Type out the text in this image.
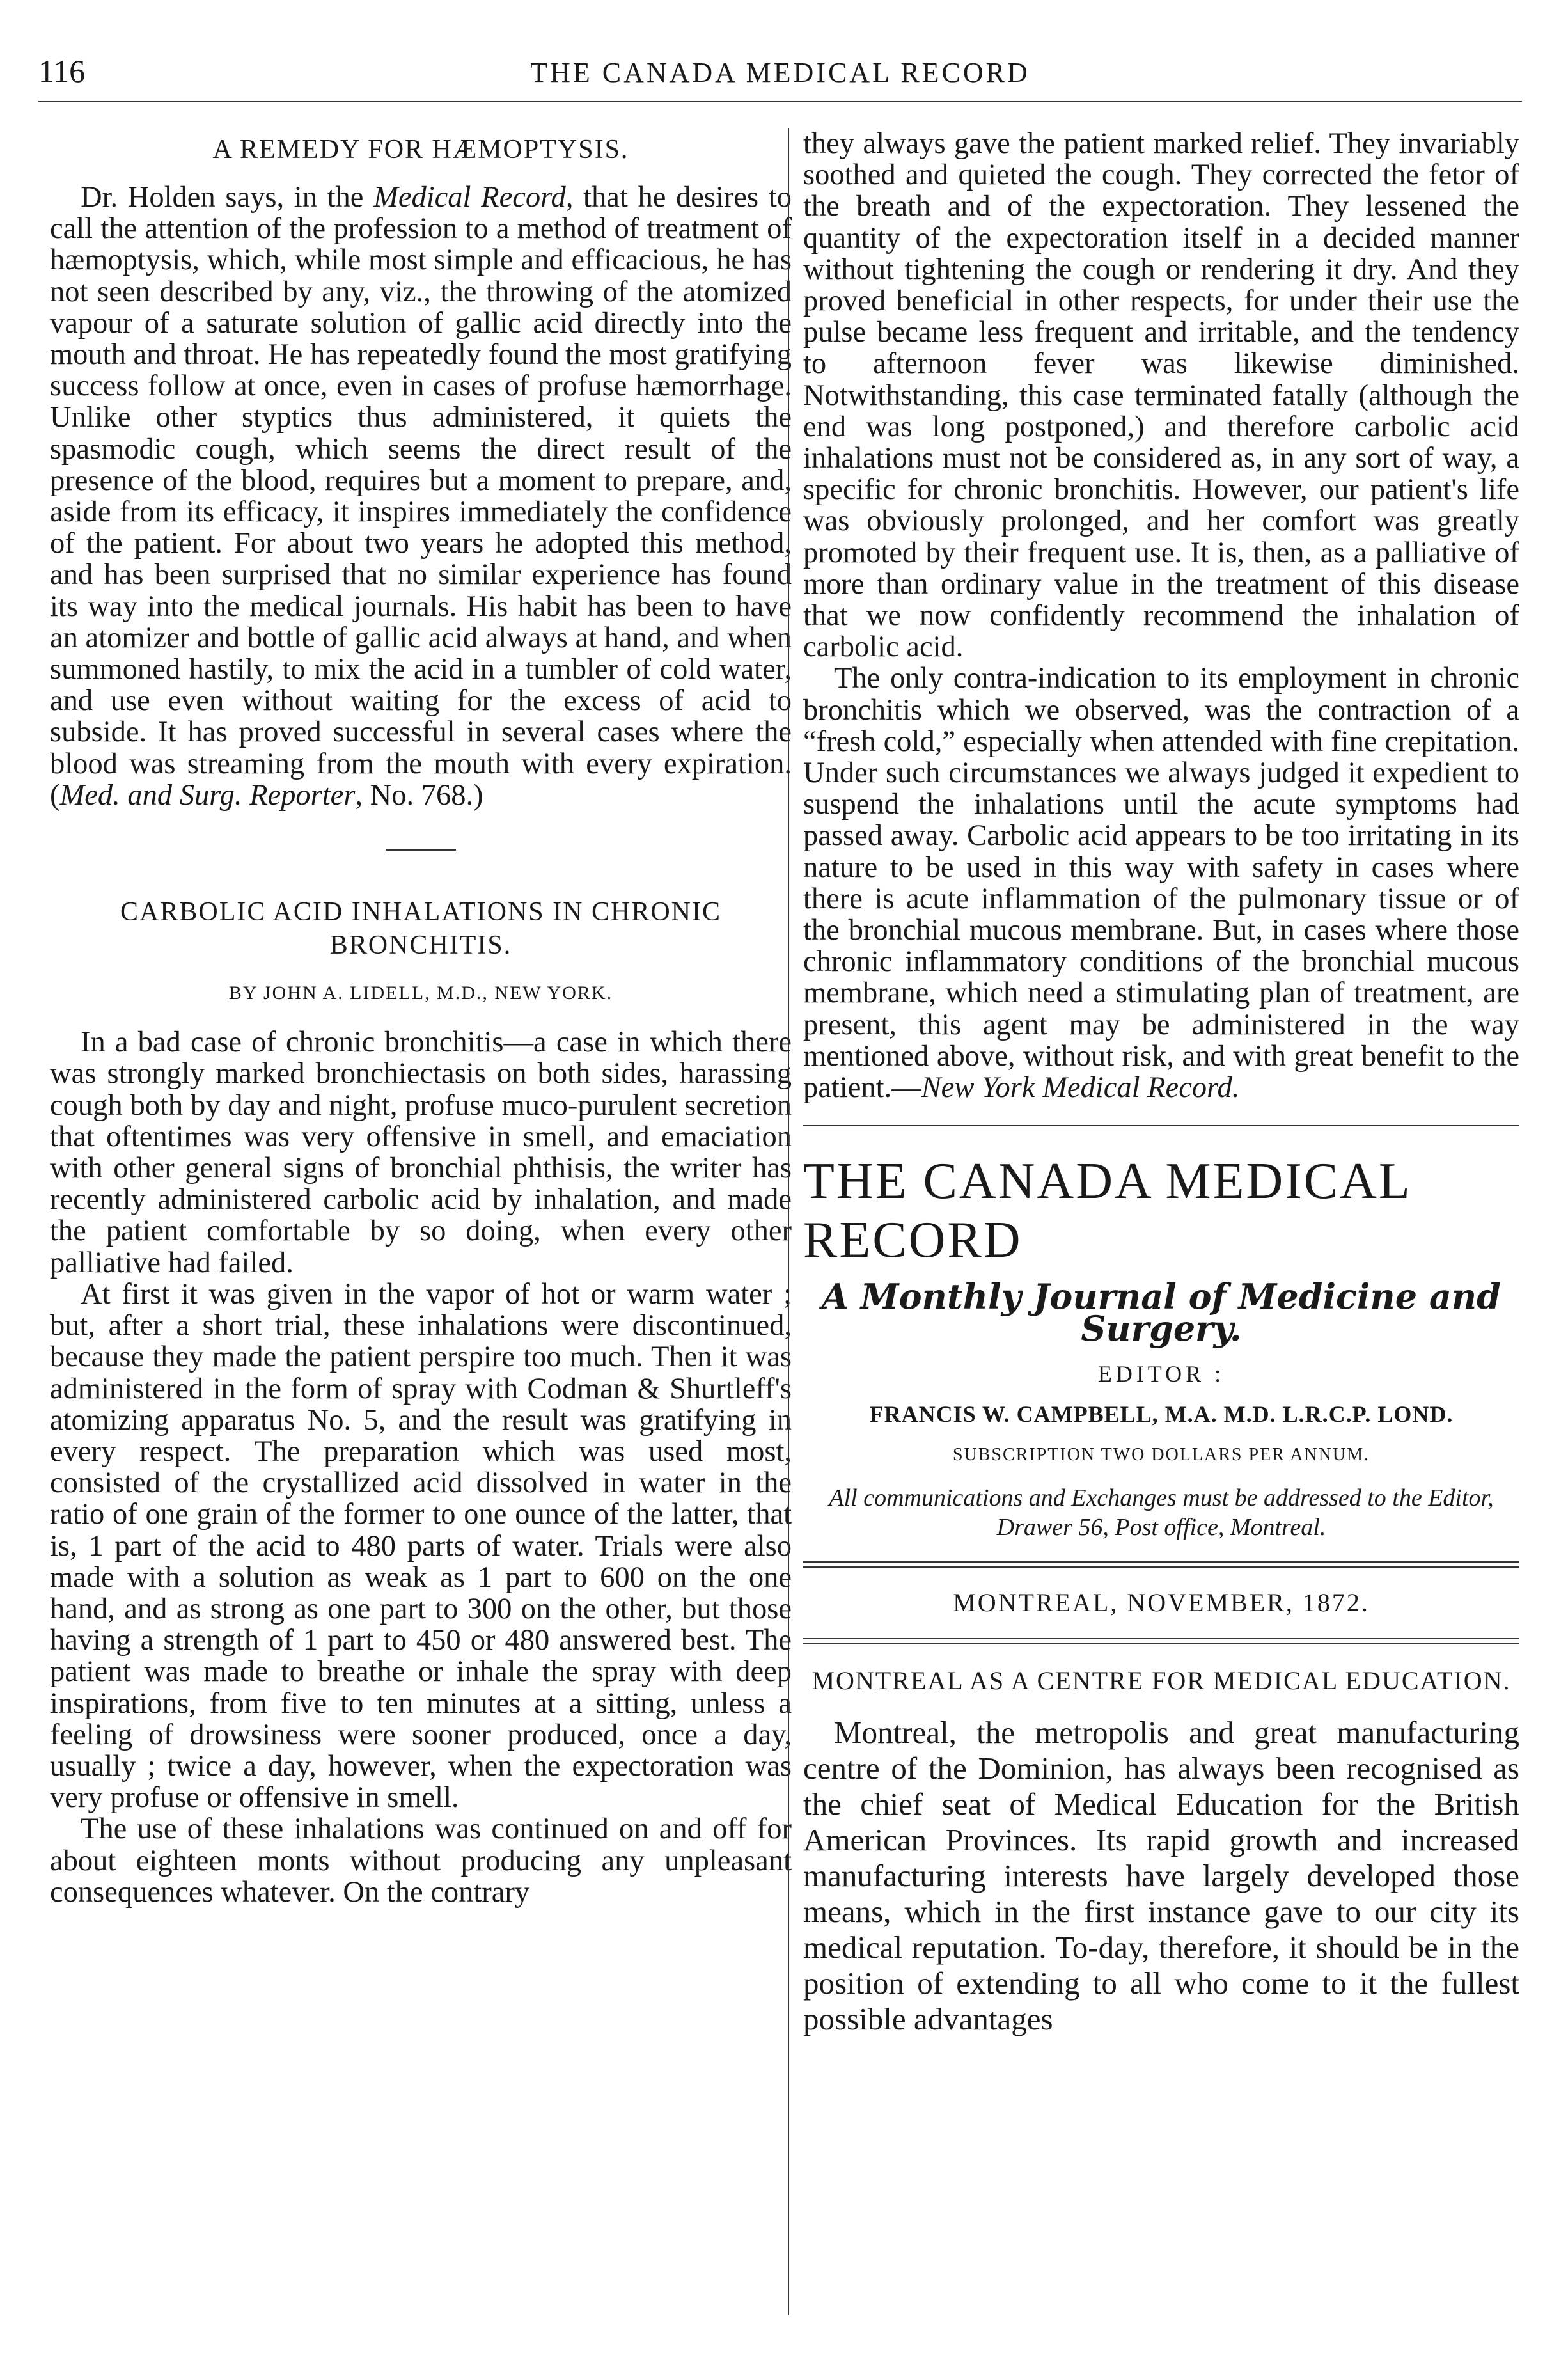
116	THE CANADA MEDICAL RECORD
A REMEDY FOR HÆMOPTYSIS.

Dr. Holden says, in the Medical Record, that he desires to call the attention of the profession to a method of treatment of hæmoptysis, which, while most simple and efficacious, he has not seen described by any, viz., the throwing of the atomized vapour of a saturate solution of gallic acid directly into the mouth and throat. He has repeatedly found the most gratifying success follow at once, even in cases of profuse hæmorrhage. Unlike other styptics thus administered, it quiets the spasmodic cough, which seems the direct result of the presence of the blood, requires but a moment to prepare, and, aside from its efficacy, it inspires immediately the confidence of the patient. For about two years he adopted this method, and has been surprised that no similar experience has found its way into the medical journals. His habit has been to have an atomizer and bottle of gallic acid always at hand, and when summoned hastily, to mix the acid in a tumbler of cold water, and use even without waiting for the excess of acid to subside. It has proved successful in several cases where the blood was streaming from the mouth with every expiration. (Med. and Surg. Reporter, No. 768.)

CARBOLIC ACID INHALATIONS IN CHRONIC BRONCHITIS.
BY JOHN A. LIDELL, M.D., NEW YORK.

In a bad case of chronic bronchitis—a case in which there was strongly marked bronchiectasis on both sides, harassing cough both by day and night, profuse muco-purulent secretion that oftentimes was very offensive in smell, and emaciation with other general signs of bronchial phthisis, the writer has recently administered carbolic acid by inhalation, and made the patient comfortable by so doing, when every other palliative had failed.

At first it was given in the vapor of hot or warm water ; but, after a short trial, these inhalations were discontinued, because they made the patient perspire too much. Then it was administered in the form of spray with Codman & Shurtleff's atomizing apparatus No. 5, and the result was gratifying in every respect. The preparation which was used most, consisted of the crystallized acid dissolved in water in the ratio of one grain of the former to one ounce of the latter, that is, 1 part of the acid to 480 parts of water. Trials were also made with a solution as weak as 1 part to 600 on the one hand, and as strong as one part to 300 on the other, but those having a strength of 1 part to 450 or 480 answered best. The patient was made to breathe or inhale the spray with deep inspirations, from five to ten minutes at a sitting, unless a feeling of drowsiness were sooner produced, once a day, usually ; twice a day, however, when the expectoration was very profuse or offensive in smell.

The use of these inhalations was continued on and off for about eighteen monts without producing any unpleasant consequences whatever. On the contrary

they always gave the patient marked relief. They invariably soothed and quieted the cough. They corrected the fetor of the breath and of the expectoration. They lessened the quantity of the expectoration itself in a decided manner without tightening the cough or rendering it dry. And they proved beneficial in other respects, for under their use the pulse became less frequent and irritable, and the tendency to afternoon fever was likewise diminished. Notwithstanding, this case terminated fatally (although the end was long postponed,) and therefore carbolic acid inhalations must not be considered as, in any sort of way, a specific for chronic bronchitis. However, our patient's life was obviously prolonged, and her comfort was greatly promoted by their frequent use. It is, then, as a palliative of more than ordinary value in the treatment of this disease that we now confidently recommend the inhalation of carbolic acid.

The only contra-indication to its employment in chronic bronchitis which we observed, was the contraction of a “fresh cold,” especially when attended with fine crepitation. Under such circumstances we always judged it expedient to suspend the inhalations until the acute symptoms had passed away. Carbolic acid appears to be too irritating in its nature to be used in this way with safety in cases where there is acute inflammation of the pulmonary tissue or of the bronchial mucous membrane. But, in cases where those chronic inflammatory conditions of the bronchial mucous membrane, which need a stimulating plan of treatment, are present, this agent may be administered in the way mentioned above, without risk, and with great benefit to the patient.—New York Medical Record.

THE CANADA MEDICAL RECORD
A Monthly Journal of Medicine and Surgery.
EDITOR :
FRANCIS W. CAMPBELL, M.A. M.D. L.R.C.P. LOND.
SUBSCRIPTION TWO DOLLARS PER ANNUM.
All communications and Exchanges must be addressed to the Editor, Drawer 56, Post office, Montreal.
MONTREAL, NOVEMBER, 1872.
MONTREAL AS A CENTRE FOR MEDICAL EDUCATION.

Montreal, the metropolis and great manufacturing centre of the Dominion, has always been recognised as the chief seat of Medical Education for the British American Provinces. Its rapid growth and increased manufacturing interests have largely developed those means, which in the first instance gave to our city its medical reputation. To-day, therefore, it should be in the position of extending to all who come to it the fullest possible advantages
